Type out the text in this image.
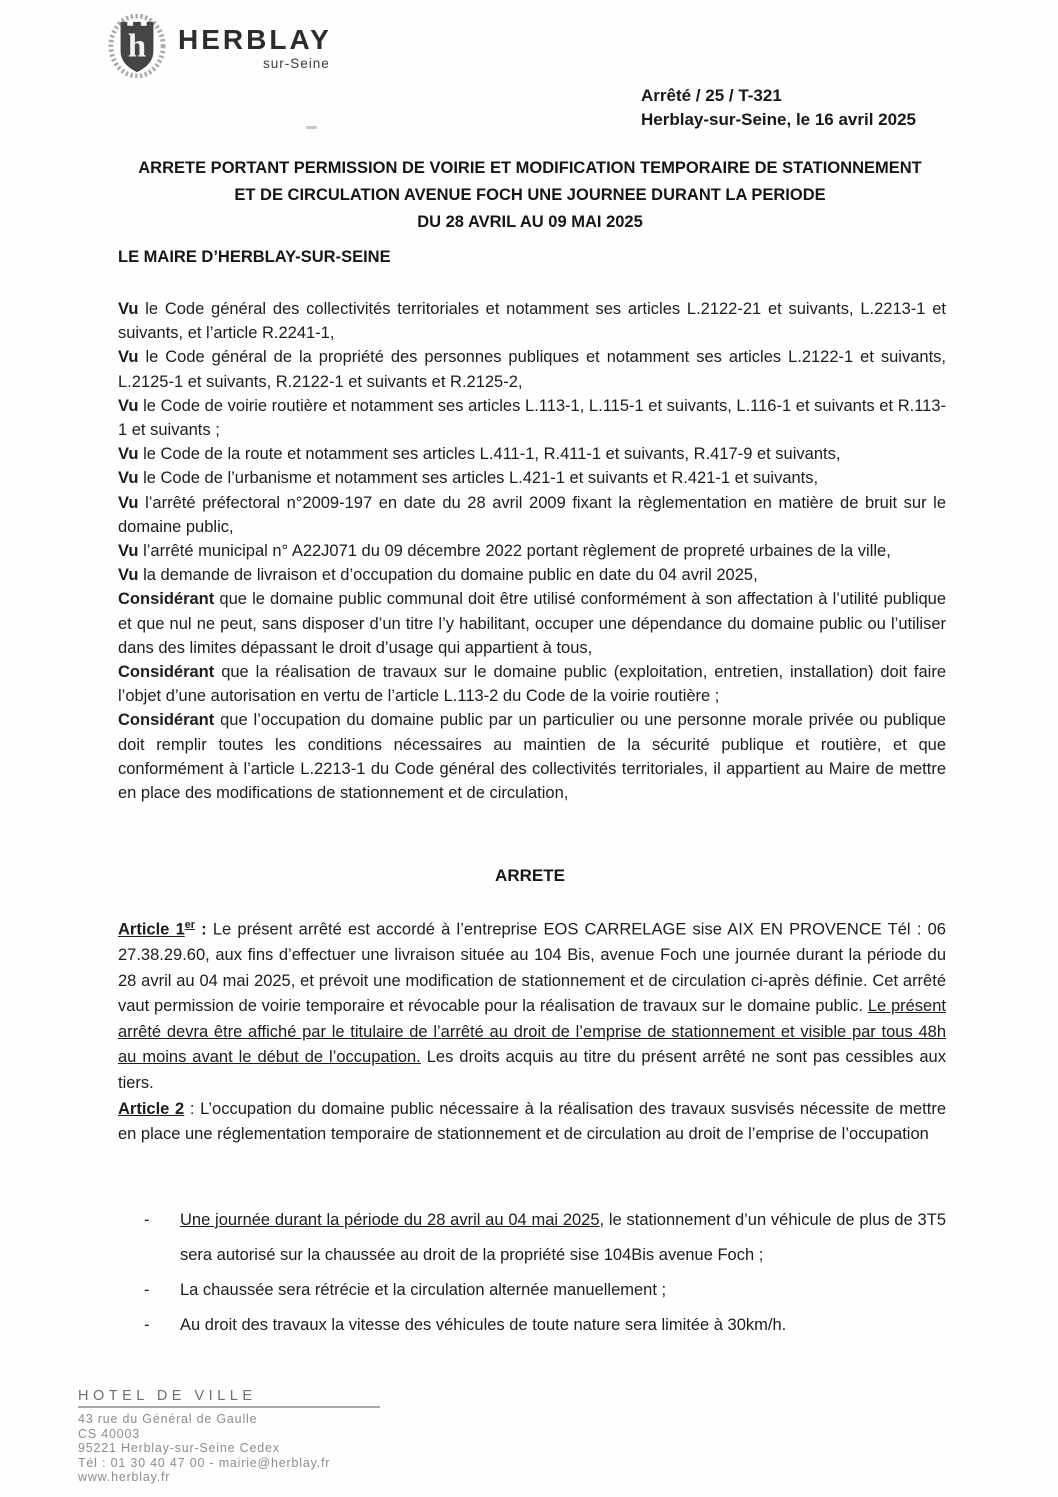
h HERBLAY
sur-Seine
Arrêté / 25 / T-321
Herblay-sur-Seine, le 16 avril 2025
ARRETE PORTANT PERMISSION DE VOIRIE ET MODIFICATION TEMPORAIRE DE STATIONNEMENT
ET DE CIRCULATION AVENUE FOCH UNE JOURNEE DURANT LA PERIODE
DU 28 AVRIL AU 09 MAI 2025
LE MAIRE D’HERBLAY-SUR-SEINE

Vu le Code général des collectivités territoriales et notamment ses articles L.2122-21 et suivants, L.2213-1 et suivants, et l’article R.2241-1,

Vu le Code général de la propriété des personnes publiques et notamment ses articles L.2122-1 et suivants, L.2125-1 et suivants, R.2122-1 et suivants et R.2125-2,

Vu le Code de voirie routière et notamment ses articles L.113-1, L.115-1 et suivants, L.116-1 et suivants et R.113-1 et suivants ;

Vu le Code de la route et notamment ses articles L.411-1, R.411-1 et suivants, R.417-9 et suivants,

Vu le Code de l’urbanisme et notamment ses articles L.421-1 et suivants et R.421-1 et suivants,

Vu l’arrêté préfectoral n°2009-197 en date du 28 avril 2009 fixant la règlementation en matière de bruit sur le domaine public,

Vu l’arrêté municipal n° A22J071 du 09 décembre 2022 portant règlement de propreté urbaines de la ville,

Vu la demande de livraison et d’occupation du domaine public en date du 04 avril 2025,

Considérant que le domaine public communal doit être utilisé conformément à son affectation à l’utilité publique et que nul ne peut, sans disposer d’un titre l’y habilitant, occuper une dépendance du domaine public ou l’utiliser dans des limites dépassant le droit d’usage qui appartient à tous,

Considérant que la réalisation de travaux sur le domaine public (exploitation, entretien, installation) doit faire l’objet d’une autorisation en vertu de l’article L.113-2 du Code de la voirie routière ;

Considérant que l’occupation du domaine public par un particulier ou une personne morale privée ou publique doit remplir toutes les conditions nécessaires au maintien de la sécurité publique et routière, et que conformément à l’article L.2213-1 du Code général des collectivités territoriales, il appartient au Maire de mettre en place des modifications de stationnement et de circulation,

ARRETE

Article 1er : Le présent arrêté est accordé à l’entreprise EOS CARRELAGE sise AIX EN PROVENCE Tél : 06 27.38.29.60, aux fins d’effectuer une livraison située au 104 Bis, avenue Foch une journée durant la période du 28 avril au 04 mai 2025, et prévoit une modification de stationnement et de circulation ci-après définie. Cet arrêté vaut permission de voirie temporaire et révocable pour la réalisation de travaux sur le domaine public. Le présent arrêté devra être affiché par le titulaire de l’arrêté au droit de l’emprise de stationnement et visible par tous 48h au moins avant le début de l’occupation. Les droits acquis au titre du présent arrêté ne sont pas cessibles aux tiers.

Article 2 : L’occupation du domaine public nécessaire à la réalisation des travaux susvisés nécessite de mettre en place une réglementation temporaire de stationnement et de circulation au droit de l’emprise de l’occupation

-	Une journée durant la période du 28 avril au 04 mai 2025, le stationnement d’un véhicule de plus de 3T5 sera autorisé sur la chaussée au droit de la propriété sise 104Bis avenue Foch ;
-	La chaussée sera rétrécie et la circulation alternée manuellement ;
-	Au droit des travaux la vitesse des véhicules de toute nature sera limitée à 30km/h.
HOTEL DE VILLE
43 rue du Général de Gaulle
CS 40003
95221 Herblay-sur-Seine Cedex
Tél : 01 30 40 47 00 - mairie@herblay.fr
www.herblay.fr
